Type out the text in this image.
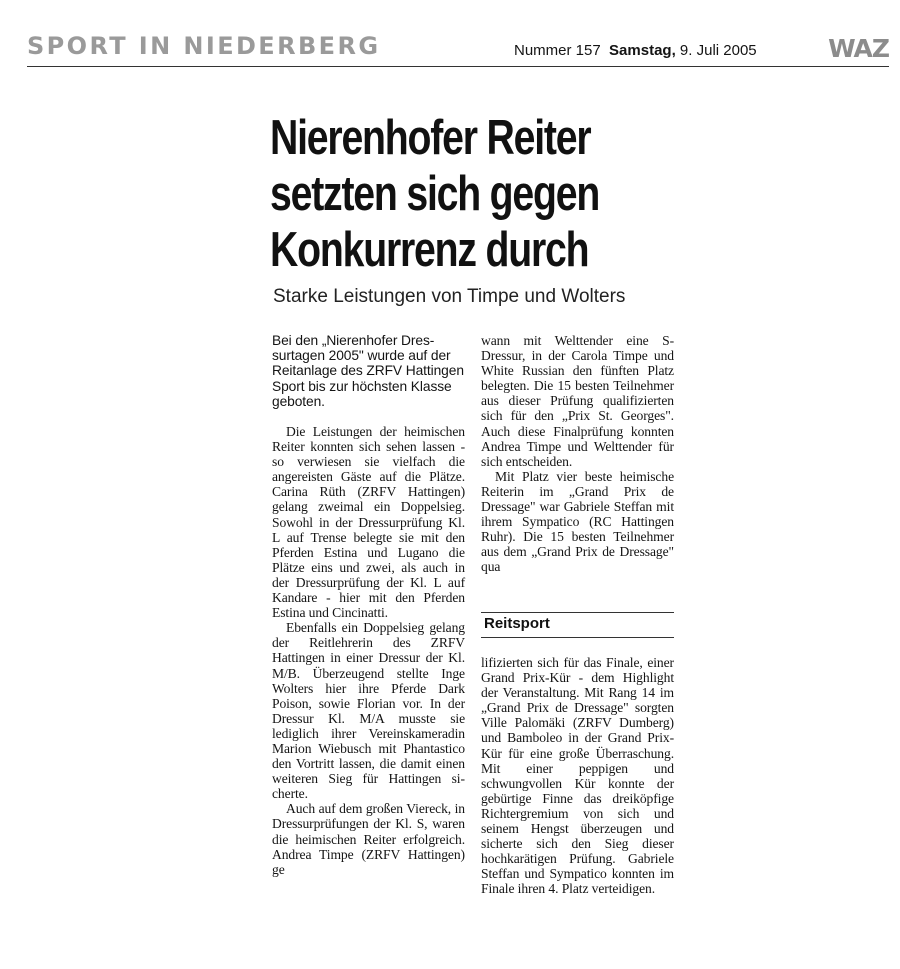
SPORT IN NIEDERBERG	Nummer 157 Samstag, 9. Juli 2005	WAZ
Nierenhofer Reiter setzten sich gegen Konkurrenz durch
Starke Leistungen von Timpe und Wolters

Bei den „Nierenhofer Dressurtagen 2005" wurde auf der Reitanlage des ZRFV Hattingen Sport bis zur höchsten Klasse geboten.

Die Leistungen der heimischen Reiter konnten sich sehen lassen - so verwiesen sie vielfach die angereisten Gäste auf die Plätze. Carina Rüth (ZRFV Hattingen) gelang zweimal ein Doppelsieg. Sowohl in der Dressurprüfung Kl. L auf Trense belegte sie mit den Pferden Estina und Lugano die Plätze eins und zwei, als auch in der Dressurprüfung der Kl. L auf Kandare - hier mit den Pferden Estina und Cincinatti.

Ebenfalls ein Doppelsieg gelang der Reitlehrerin des ZRFV Hattingen in einer Dressur der Kl. M/B. Überzeugend stellte Inge Wolters hier ihre Pferde Dark Poison, sowie Florian vor. In der Dressur Kl. M/A musste sie lediglich ihrer Vereinskameradin Marion Wiebusch mit Phantastico den Vortritt lassen, die damit einen weiteren Sieg für Hattingen sicherte.

Auch auf dem großen Viereck, in Dressurprüfungen der Kl. S, waren die heimischen Reiter erfolgreich. Andrea Timpe (ZRFV Hattingen) ge

wann mit Welttender eine S-Dressur, in der Carola Timpe und White Russian den fünften Platz belegten. Die 15 besten Teilnehmer aus dieser Prüfung qualifizierten sich für den „Prix St. Georges". Auch diese Finalprüfung konnten Andrea Timpe und Welttender für sich entscheiden.

Mit Platz vier beste heimische Reiterin im „Grand Prix de Dressage" war Gabriele Steffan mit ihrem Sympatico (RC Hattingen Ruhr). Die 15 besten Teilnehmer aus dem „Grand Prix de Dressage" qua

Reitsport

lifizierten sich für das Finale, einer Grand Prix-Kür - dem Highlight der Veranstaltung. Mit Rang 14 im „Grand Prix de Dressage" sorgten Ville Palomäki (ZRFV Dumberg) und Bamboleo in der Grand Prix-Kür für eine große Überraschung. Mit einer peppigen und schwungvollen Kür konnte der gebürtige Finne das dreiköpfige Richtergremium von sich und seinem Hengst überzeugen und sicherte sich den Sieg dieser hochkarätigen Prüfung. Gabriele Steffan und Sympatico konnten im Finale ihren 4. Platz verteidigen.
